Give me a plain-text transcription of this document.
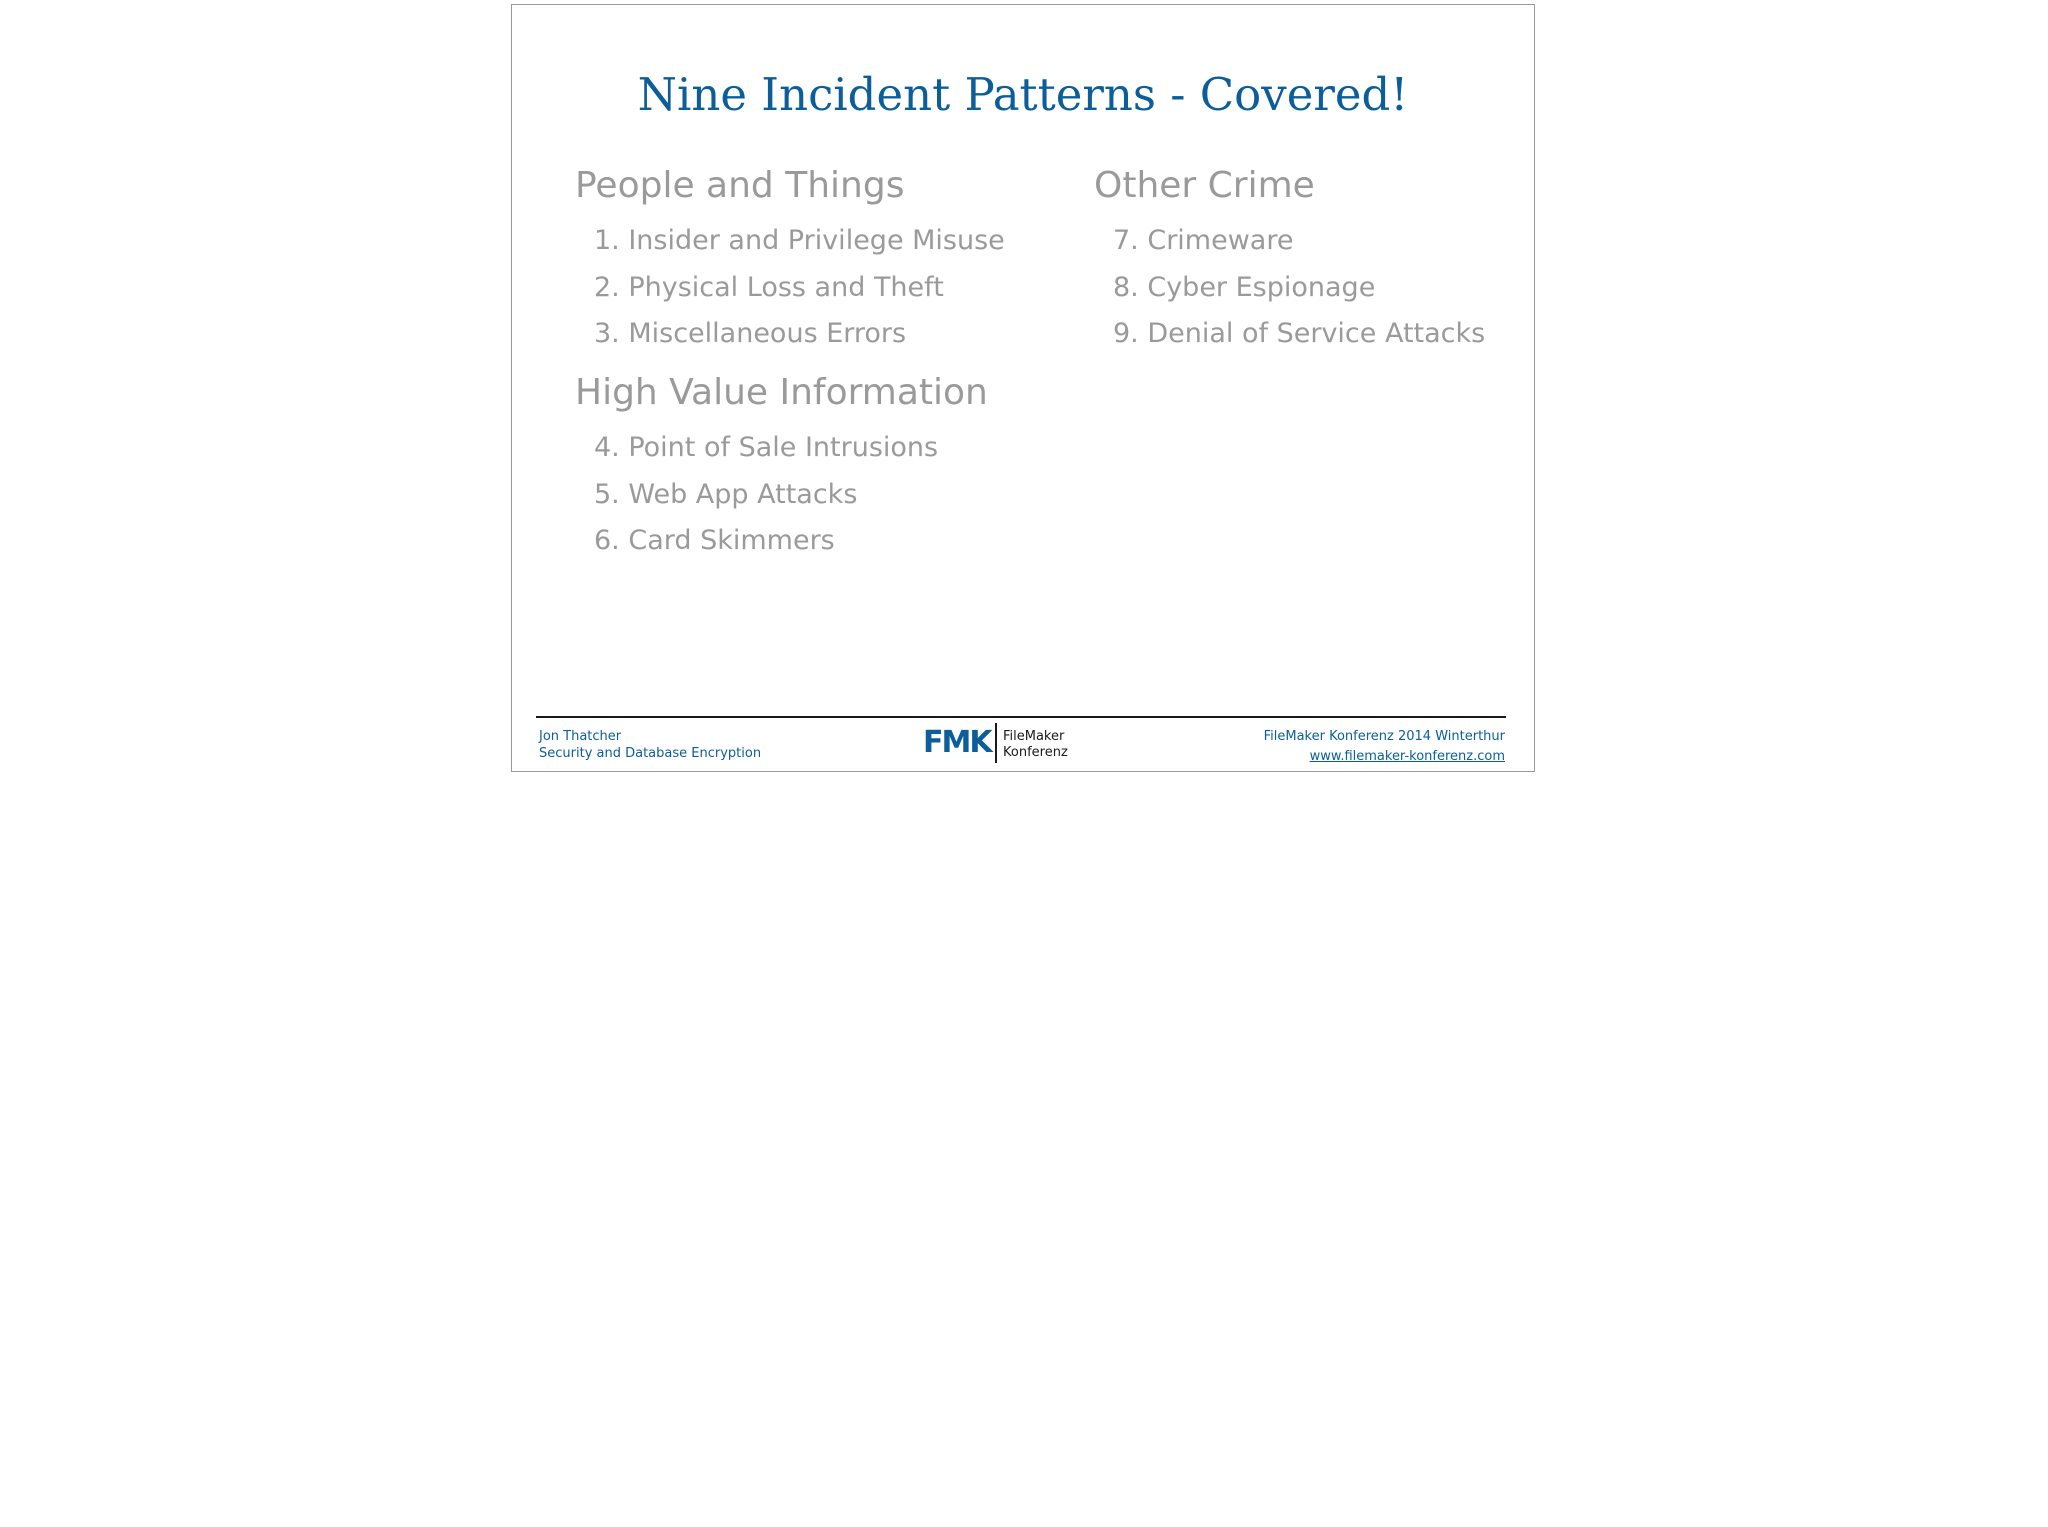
Nine Incident Patterns - Covered!
People and Things
1. Insider and Privilege Misuse
2. Physical Loss and Theft
3. Miscellaneous Errors
High Value Information
4. Point of Sale Intrusions
5. Web App Attacks
6. Card Skimmers
Other Crime
7. Crimeware
8. Cyber Espionage
9. Denial of Service Attacks
Jon Thatcher
Security and Database Encryption	FMK FileMaker
Konferenz
FileMaker Konferenz 2014 Winterthur
www.filemaker-konferenz.com
